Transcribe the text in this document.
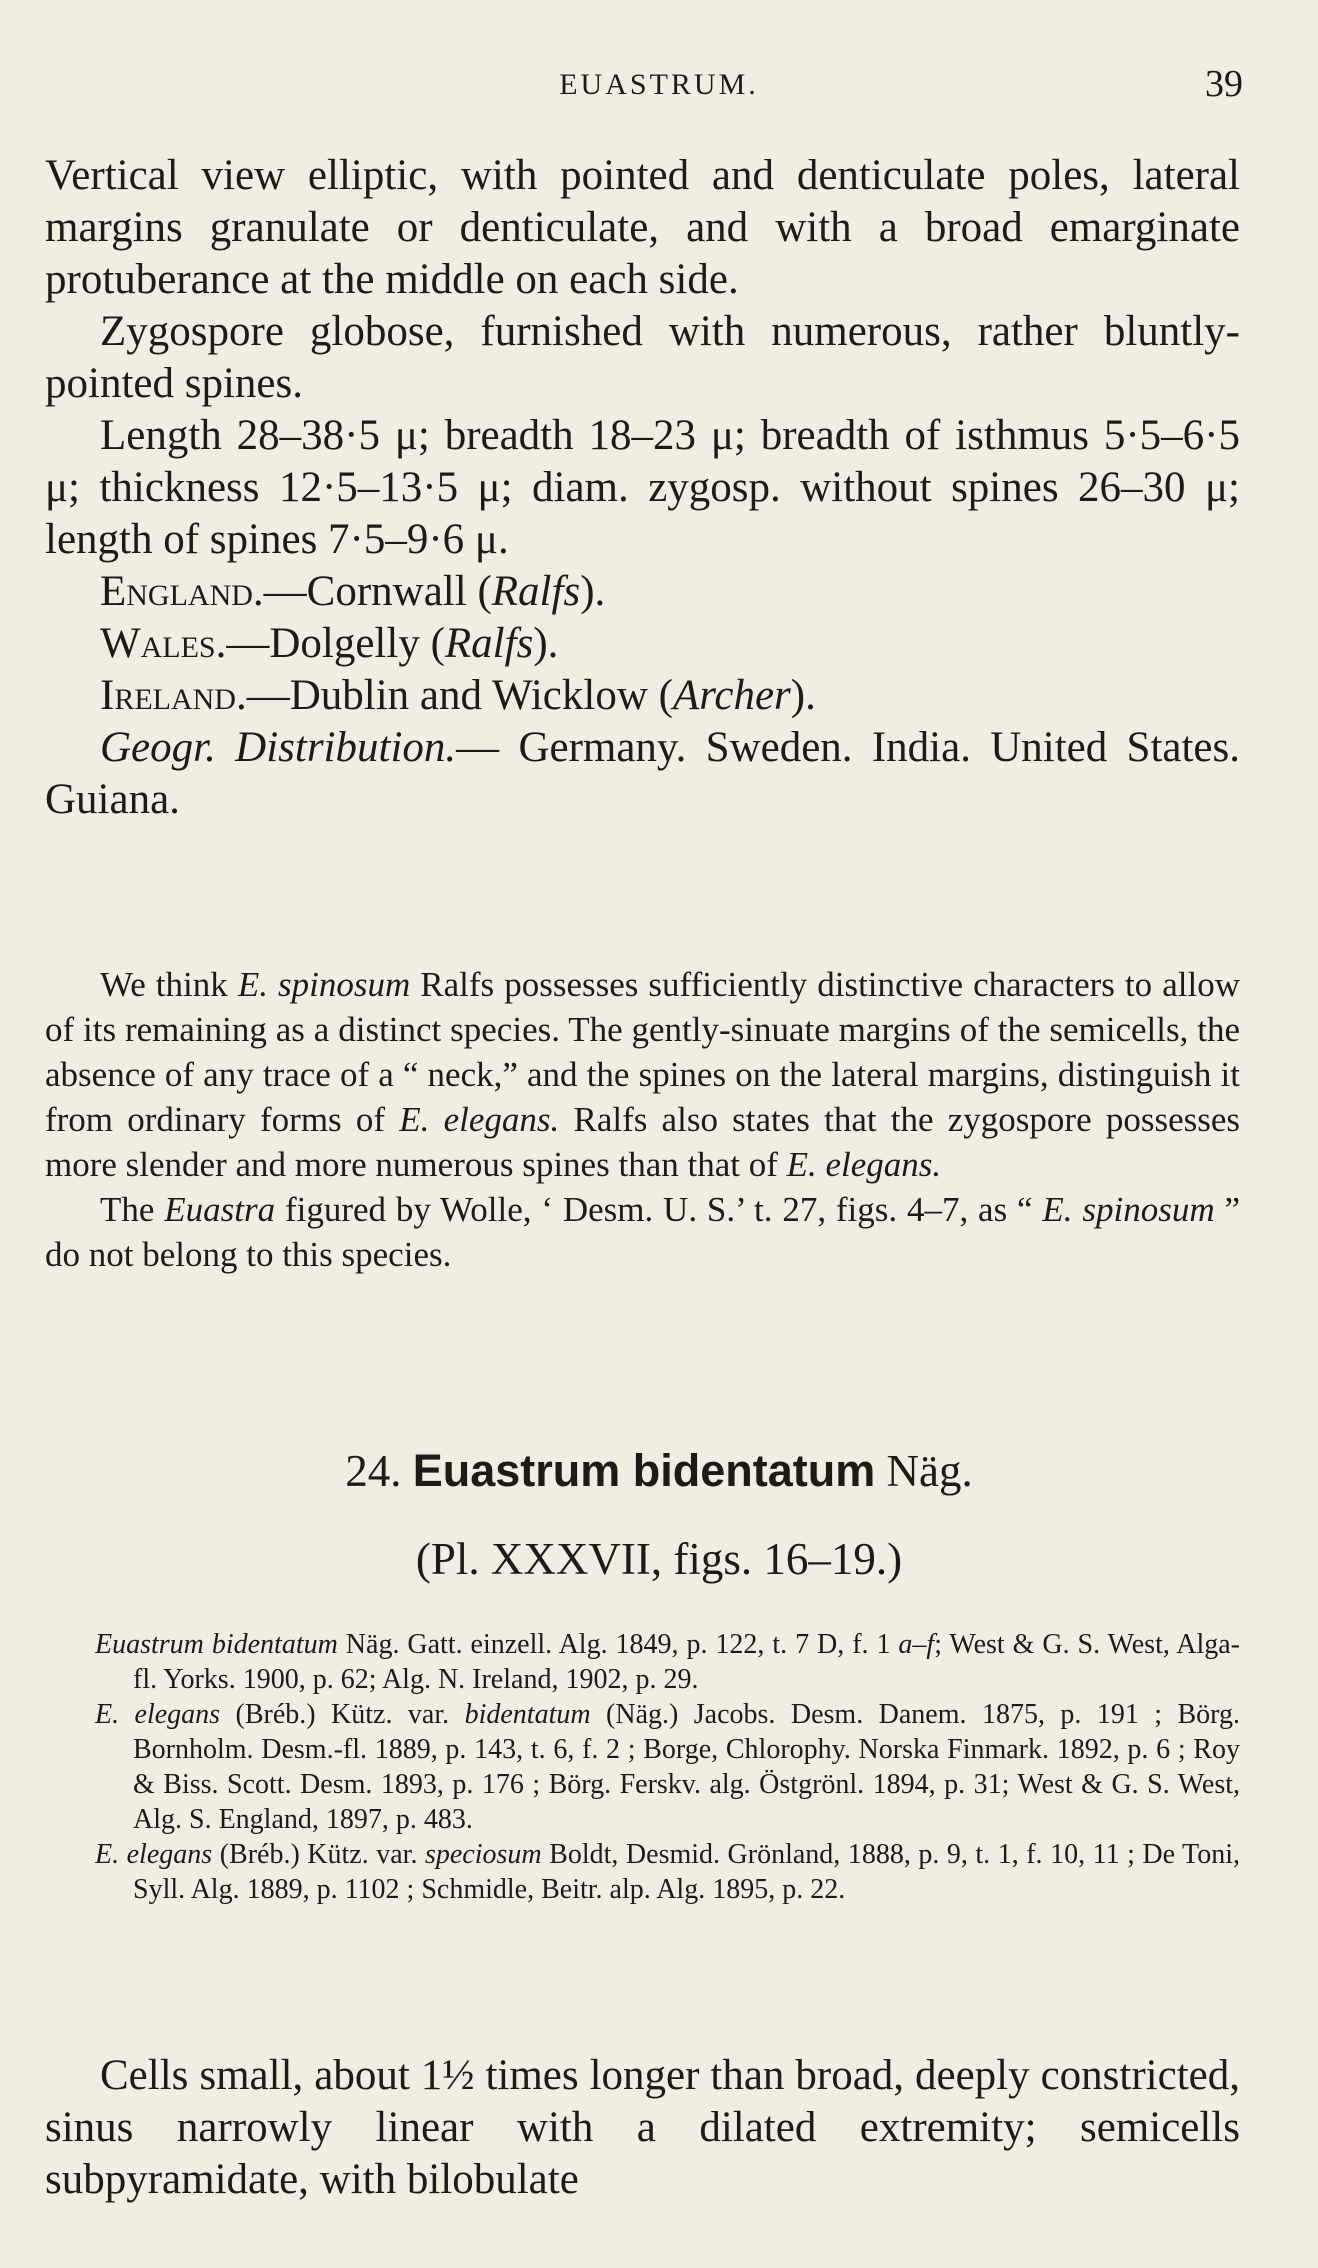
EUASTRUM.	39

Vertical view elliptic, with pointed and denticulate poles, lateral margins granulate or denticulate, and with a broad emarginate protuberance at the middle on each side.

Zygospore globose, furnished with numerous, rather bluntly-pointed spines.

Length 28–38·5 μ; breadth 18–23 μ; breadth of isthmus 5·5–6·5 μ; thickness 12·5–13·5 μ; diam. zygosp. without spines 26–30 μ; length of spines 7·5–9·6 μ.

England.—Cornwall (Ralfs).

Wales.—Dolgelly (Ralfs).

Ireland.—Dublin and Wicklow (Archer).

Geogr. Distribution.— Germany. Sweden. India. United States. Guiana.

We think E. spinosum Ralfs possesses sufficiently distinctive characters to allow of its remaining as a distinct species. The gently-sinuate margins of the semicells, the absence of any trace of a “ neck,” and the spines on the lateral margins, distinguish it from ordinary forms of E. elegans. Ralfs also states that the zygospore possesses more slender and more numerous spines than that of E. elegans.

The Euastra figured by Wolle, ‘ Desm. U. S.’ t. 27, figs. 4–7, as “ E. spinosum ” do not belong to this species.

24. Euastrum bidentatum Näg.
(Pl. XXXVII, figs. 16–19.)

Euastrum bidentatum Näg. Gatt. einzell. Alg. 1849, p. 122, t. 7 D, f. 1 a–f; West & G. S. West, Alga-fl. Yorks. 1900, p. 62; Alg. N. Ireland, 1902, p. 29.

E. elegans (Bréb.) Kütz. var. bidentatum (Näg.) Jacobs. Desm. Danem. 1875, p. 191 ; Börg. Bornholm. Desm.-fl. 1889, p. 143, t. 6, f. 2 ; Borge, Chlorophy. Norska Finmark. 1892, p. 6 ; Roy & Biss. Scott. Desm. 1893, p. 176 ; Börg. Ferskv. alg. Östgrönl. 1894, p. 31; West & G. S. West, Alg. S. England, 1897, p. 483.

E. elegans (Bréb.) Kütz. var. speciosum Boldt, Desmid. Grönland, 1888, p. 9, t. 1, f. 10, 11 ; De Toni, Syll. Alg. 1889, p. 1102 ; Schmidle, Beitr. alp. Alg. 1895, p. 22.

Cells small, about 1½ times longer than broad, deeply constricted, sinus narrowly linear with a dilated extremity; semicells subpyramidate, with bilobulate
